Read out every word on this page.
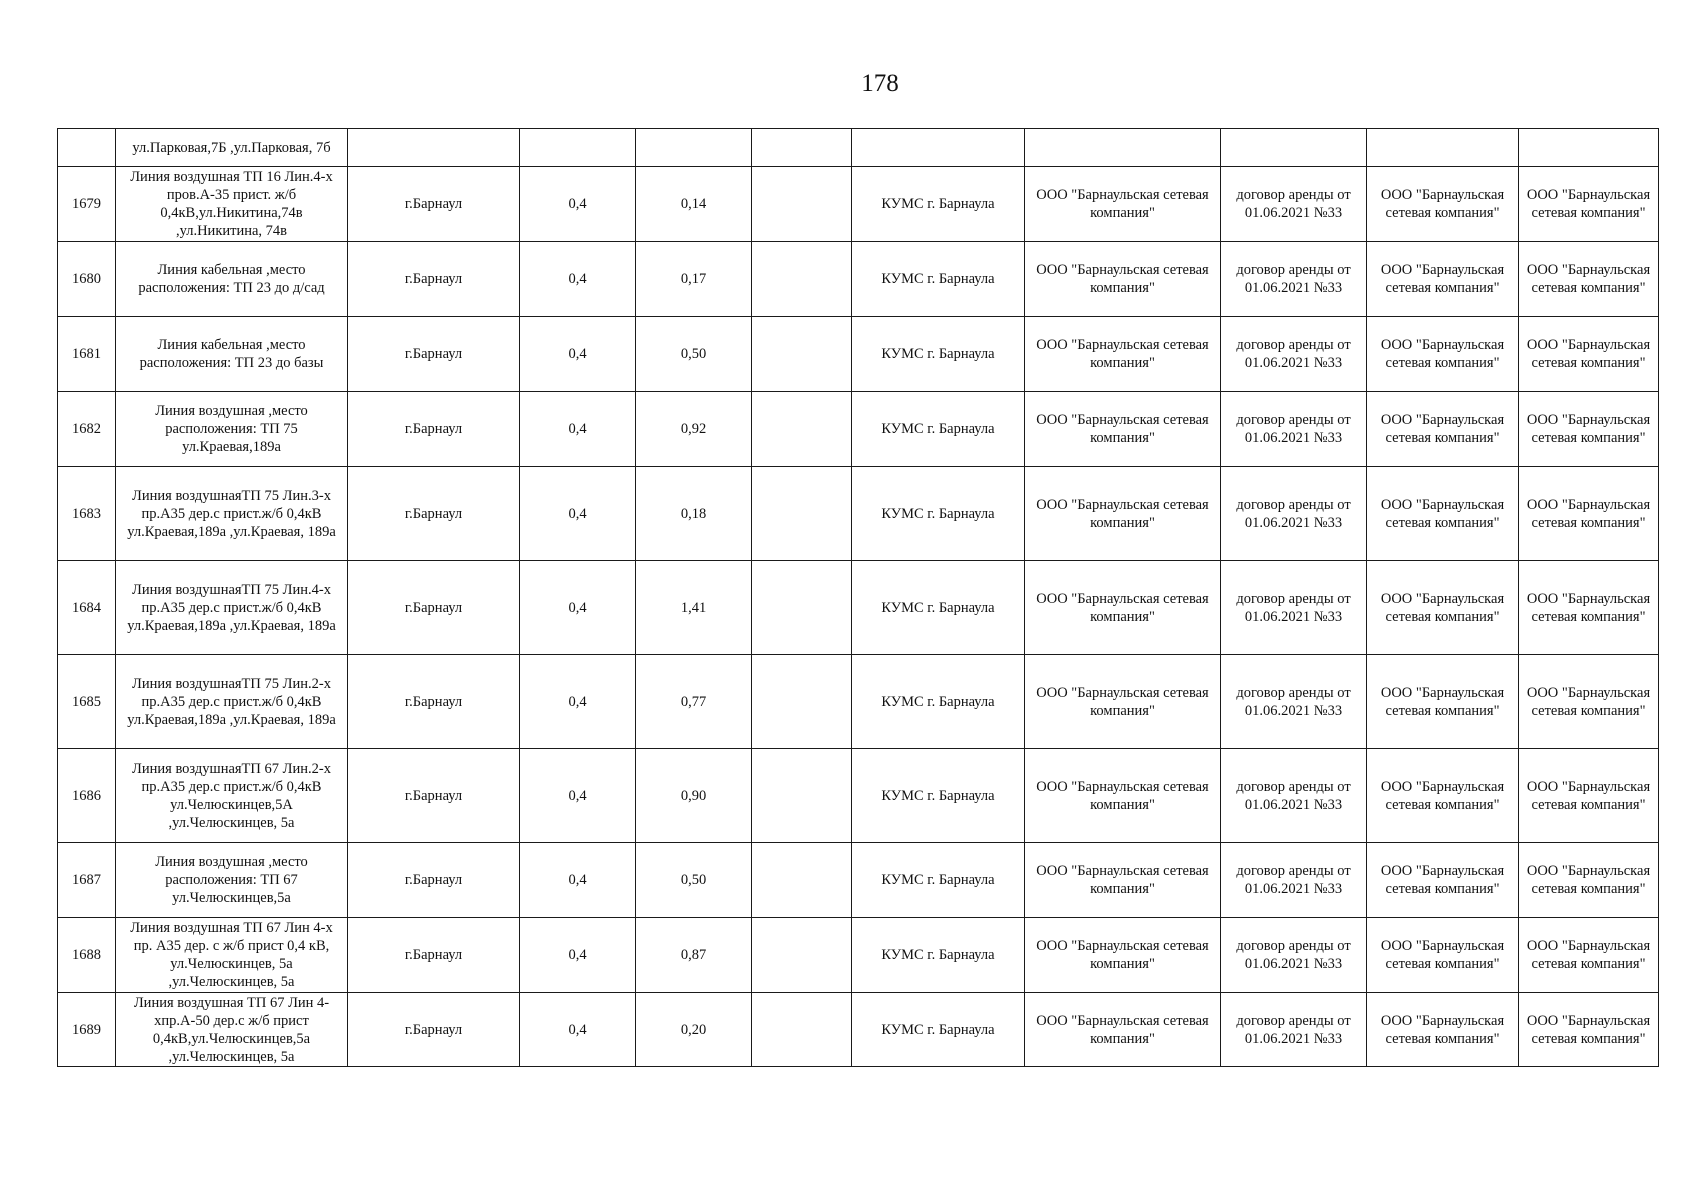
178
	ул.Парковая,7Б ,ул.Парковая, 7б									
1679	Линия воздушная ТП 16 Лин.4-х пров.А-35 прист. ж/б 0,4кВ,ул.Никитина,74в ,ул.Никитина, 74в	г.Барнаул	0,4	0,14		КУМС г. Барнаула	ООО "Барнаульская сетевая компания"	договор аренды от 01.06.2021 №33	ООО "Барнаульская сетевая компания"	ООО "Барнаульская сетевая компания"
1680	Линия кабельная ,место расположения: ТП 23 до д/сад	г.Барнаул	0,4	0,17		КУМС г. Барнаула	ООО "Барнаульская сетевая компания"	договор аренды от 01.06.2021 №33	ООО "Барнаульская сетевая компания"	ООО "Барнаульская сетевая компания"
1681	Линия кабельная ,место расположения: ТП 23 до базы	г.Барнаул	0,4	0,50		КУМС г. Барнаула	ООО "Барнаульская сетевая компания"	договор аренды от 01.06.2021 №33	ООО "Барнаульская сетевая компания"	ООО "Барнаульская сетевая компания"
1682	Линия воздушная ,место расположения: ТП 75 ул.Краевая,189а	г.Барнаул	0,4	0,92		КУМС г. Барнаула	ООО "Барнаульская сетевая компания"	договор аренды от 01.06.2021 №33	ООО "Барнаульская сетевая компания"	ООО "Барнаульская сетевая компания"
1683	Линия воздушнаяТП 75 Лин.3-х пр.А35 дер.с прист.ж/б 0,4кВ ул.Краевая,189а ,ул.Краевая, 189а	г.Барнаул	0,4	0,18		КУМС г. Барнаула	ООО "Барнаульская сетевая компания"	договор аренды от 01.06.2021 №33	ООО "Барнаульская сетевая компания"	ООО "Барнаульская сетевая компания"
1684	Линия воздушнаяТП 75 Лин.4-х пр.А35 дер.с прист.ж/б 0,4кВ ул.Краевая,189а ,ул.Краевая, 189а	г.Барнаул	0,4	1,41		КУМС г. Барнаула	ООО "Барнаульская сетевая компания"	договор аренды от 01.06.2021 №33	ООО "Барнаульская сетевая компания"	ООО "Барнаульская сетевая компания"
1685	Линия воздушнаяТП 75 Лин.2-х пр.А35 дер.с прист.ж/б 0,4кВ ул.Краевая,189а ,ул.Краевая, 189а	г.Барнаул	0,4	0,77		КУМС г. Барнаула	ООО "Барнаульская сетевая компания"	договор аренды от 01.06.2021 №33	ООО "Барнаульская сетевая компания"	ООО "Барнаульская сетевая компания"
1686	Линия воздушнаяТП 67 Лин.2-х пр.А35 дер.с прист.ж/б 0,4кВ ул.Челюскинцев,5А ,ул.Челюскинцев, 5а	г.Барнаул	0,4	0,90		КУМС г. Барнаула	ООО "Барнаульская сетевая компания"	договор аренды от 01.06.2021 №33	ООО "Барнаульская сетевая компания"	ООО "Барнаульская сетевая компания"
1687	Линия воздушная ,место расположения: ТП 67 ул.Челюскинцев,5а	г.Барнаул	0,4	0,50		КУМС г. Барнаула	ООО "Барнаульская сетевая компания"	договор аренды от 01.06.2021 №33	ООО "Барнаульская сетевая компания"	ООО "Барнаульская сетевая компания"
1688	Линия воздушная ТП 67 Лин 4-х пр. А35 дер. с ж/б прист 0,4 кВ, ул.Челюскинцев, 5а ,ул.Челюскинцев, 5а	г.Барнаул	0,4	0,87		КУМС г. Барнаула	ООО "Барнаульская сетевая компания"	договор аренды от 01.06.2021 №33	ООО "Барнаульская сетевая компания"	ООО "Барнаульская сетевая компания"
1689	Линия воздушная ТП 67 Лин 4-хпр.А-50 дер.с ж/б прист 0,4кВ,ул.Челюскинцев,5а ,ул.Челюскинцев, 5а	г.Барнаул	0,4	0,20		КУМС г. Барнаула	ООО "Барнаульская сетевая компания"	договор аренды от 01.06.2021 №33	ООО "Барнаульская сетевая компания"	ООО "Барнаульская сетевая компания"
